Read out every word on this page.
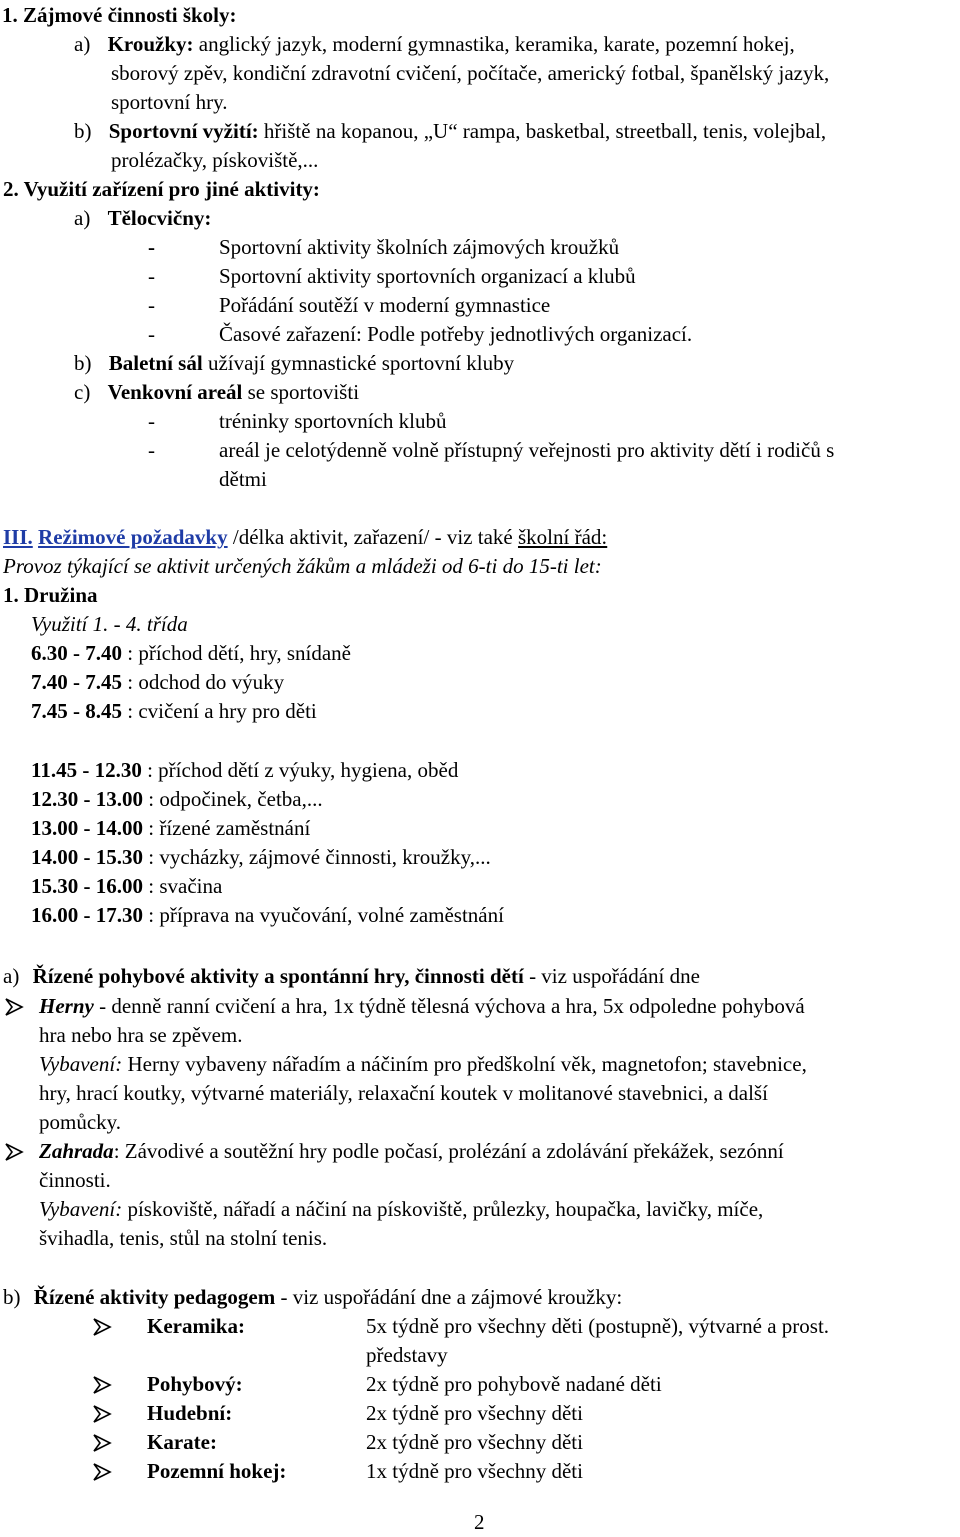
1. Zájmové činnosti školy:
a) Kroužky: anglický jazyk, moderní gymnastika, keramika, karate, pozemní hokej,
sborový zpěv, kondiční zdravotní cvičení, počítače, americký fotbal, španělský jazyk,
sportovní hry.
b) Sportovní vyžití: hřiště na kopanou, „U“ rampa, basketbal, streetball, tenis, volejbal,
prolézačky, pískoviště,...
2. Využití zařízení pro jiné aktivity:
a) Tělocvičny:
-	Sportovní aktivity školních zájmových kroužků
-	Sportovní aktivity sportovních organizací a klubů
-	Pořádání soutěží v moderní gymnastice
-	Časové zařazení: Podle potřeby jednotlivých organizací.
b) Baletní sál užívají gymnastické sportovní kluby
c) Venkovní areál se sportovišti
-	tréninky sportovních klubů
-	areál je celotýdenně volně přístupný veřejnosti pro aktivity dětí i rodičů s
dětmi
III. Režimové požadavky /délka aktivit, zařazení/ - viz také školní řád:
Provoz týkající se aktivit určených žákům a mládeži od 6-ti do 15-ti let:
1. Družina
Využití 1. - 4. třída
6.30 - 7.40 : příchod dětí, hry, snídaně
7.40 - 7.45 : odchod do výuky
7.45 - 8.45 : cvičení a hry pro děti
11.45 - 12.30 : příchod dětí z výuky, hygiena, oběd
12.30 - 13.00 : odpočinek, četba,...
13.00 - 14.00 : řízené zaměstnání
14.00 - 15.30 : vycházky, zájmové činnosti, kroužky,...
15.30 - 16.00 : svačina
16.00 - 17.30 : příprava na vyučování, volné zaměstnání
a) Řízené pohybové aktivity a spontánní hry, činnosti dětí - viz uspořádání dne
Herny - denně ranní cvičení a hra, 1x týdně tělesná výchova a hra, 5x odpoledne pohybová
hra nebo hra se zpěvem.
Vybavení: Herny vybaveny nářadím a náčiním pro předškolní věk, magnetofon; stavebnice,
hry, hrací koutky, výtvarné materiály, relaxační koutek v molitanové stavebnici, a další
pomůcky.
Zahrada: Závodivé a soutěžní hry podle počasí, prolézání a zdolávání překážek, sezónní
činnosti.
Vybavení: pískoviště, nářadí a náčiní na pískoviště, průlezky, houpačka, lavičky, míče,
švihadla, tenis, stůl na stolní tenis.
b) Řízené aktivity pedagogem - viz uspořádání dne a zájmové kroužky:
Keramika:	5x týdně pro všechny děti (postupně), výtvarné a prost.
představy
Pohybový:	2x týdně pro pohybově nadané děti
Hudební:	2x týdně pro všechny děti
Karate:	2x týdně pro všechny děti
Pozemní hokej:	1x týdně pro všechny děti
2
